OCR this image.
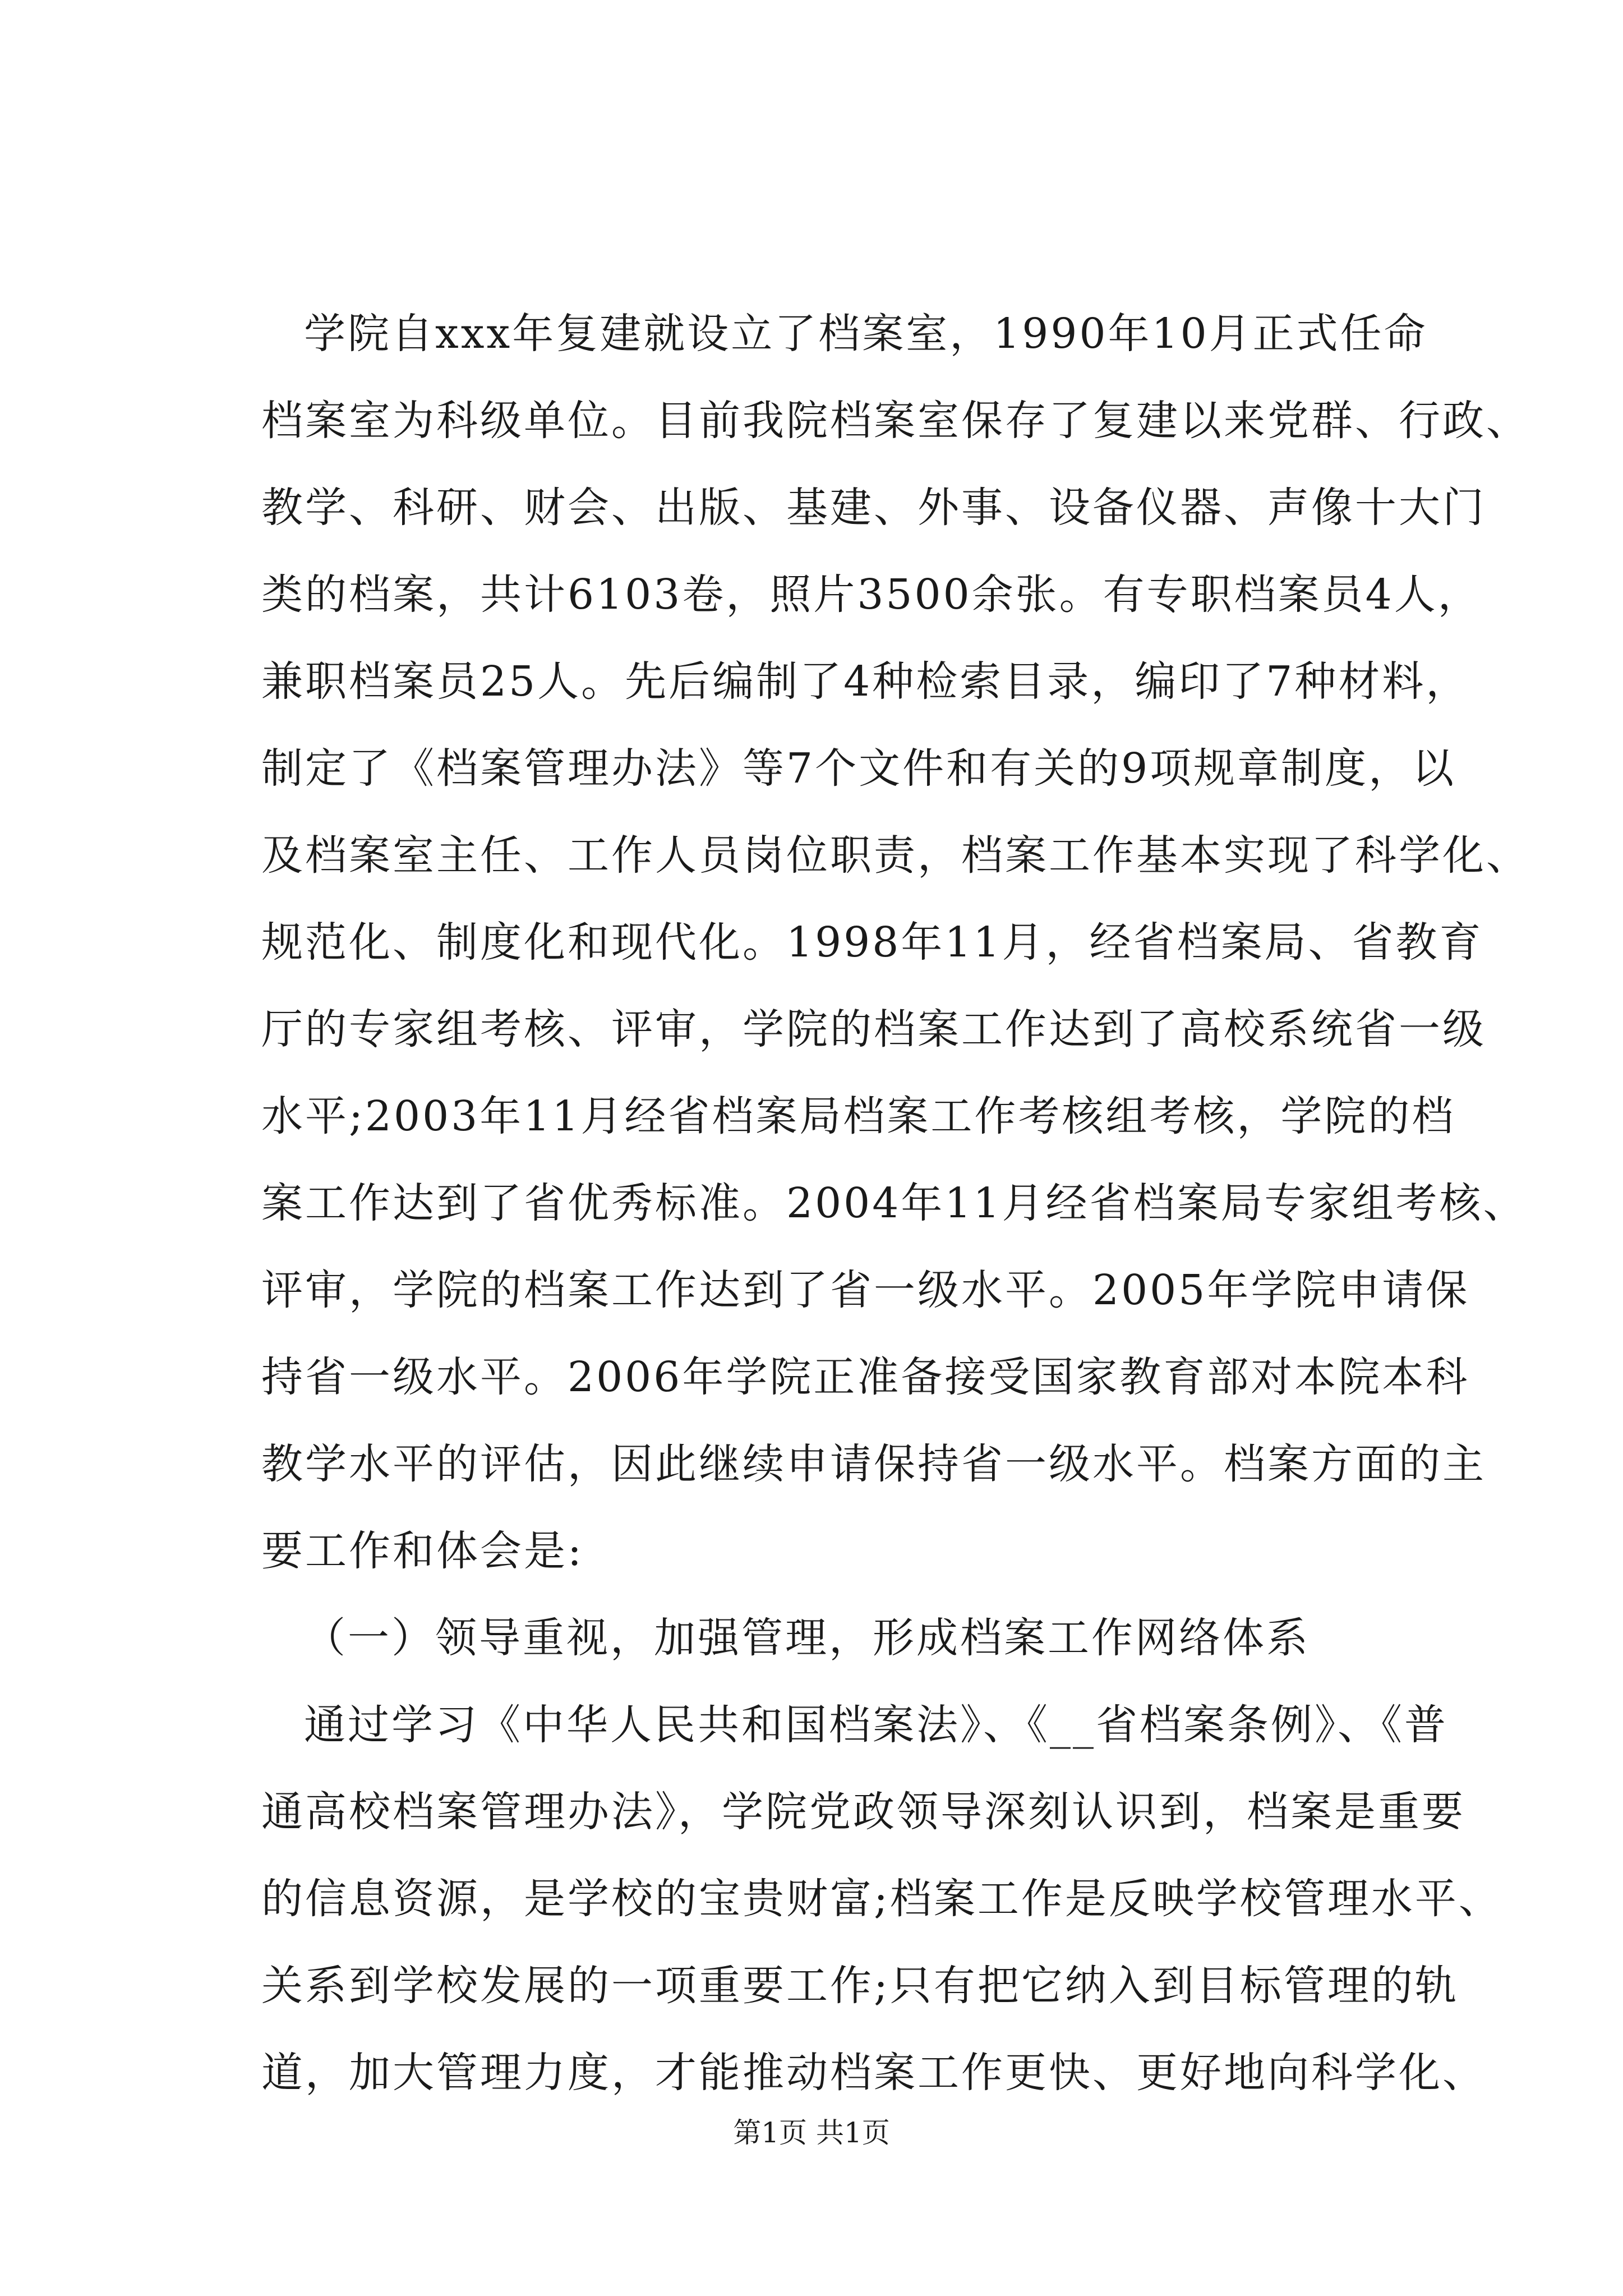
学院自xxx年复建就设立了档案室，1990年10月正式任命
档案室为科级单位。目前我院档案室保存了复建以来党群、行政、
教学、科研、财会、出版、基建、外事、设备仪器、声像十大门
类的档案，共计6103卷，照片3500余张。有专职档案员4人，
兼职档案员25人。先后编制了4种检索目录，编印了7种材料，
制定了《档案管理办法》等7个文件和有关的9项规章制度，以
及档案室主任、工作人员岗位职责，档案工作基本实现了科学化、
规范化、制度化和现代化。1998年11月，经省档案局、省教育
厅的专家组考核、评审，学院的档案工作达到了高校系统省一级
水平;2003年11月经省档案局档案工作考核组考核，学院的档
案工作达到了省优秀标准。2004年11月经省档案局专家组考核、
评审，学院的档案工作达到了省一级水平。2005年学院申请保
持省一级水平。2006年学院正准备接受国家教育部对本院本科
教学水平的评估，因此继续申请保持省一级水平。档案方面的主
要工作和体会是:
（一）领导重视，加强管理，形成档案工作网络体系
通过学习《中华人民共和国档案法》、《__省档案条例》、《普
通高校档案管理办法》，学院党政领导深刻认识到，档案是重要
的信息资源，是学校的宝贵财富;档案工作是反映学校管理水平、
关系到学校发展的一项重要工作;只有把它纳入到目标管理的轨
道，加大管理力度，才能推动档案工作更快、更好地向科学化、
第1页 共1页
